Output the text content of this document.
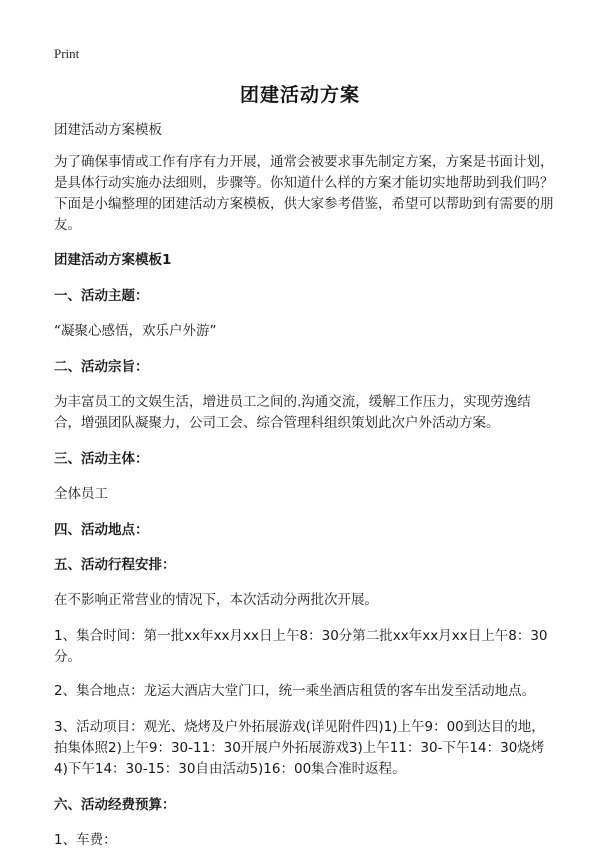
Print
团建活动方案

团建活动方案模板

为了确保事情或工作有序有力开展，通常会被要求事先制定方案，方案是书面计划，是具体行动实施办法细则，步骤等。你知道什么样的方案才能切实地帮助到我们吗？下面是小编整理的团建活动方案模板，供大家参考借鉴，希望可以帮助到有需要的朋友。

团建活动方案模板1

一、活动主题：

“凝聚心感悟，欢乐户外游”

二、活动宗旨：

为丰富员工的文娱生活，增进员工之间的.沟通交流，缓解工作压力，实现劳逸结合，增强团队凝聚力，公司工会、综合管理科组织策划此次户外活动方案。

三、活动主体：

全体员工

四、活动地点：

五、活动行程安排：

在不影响正常营业的情况下，本次活动分两批次开展。

1、集合时间：第一批xx年xx月xx日上午8：30分第二批xx年xx月xx日上午8：30分。

2、集合地点：龙运大酒店大堂门口，统一乘坐酒店租赁的客车出发至活动地点。

3、活动项目：观光、烧烤及户外拓展游戏(详见附件四)1)上午9：00到达目的地，拍集体照2)上午9：30-11：30开展户外拓展游戏3)上午11：30-下午14：30烧烤4)下午14：30-15：30自由活动5)16：00集合准时返程。

六、活动经费预算：

1、车费：
